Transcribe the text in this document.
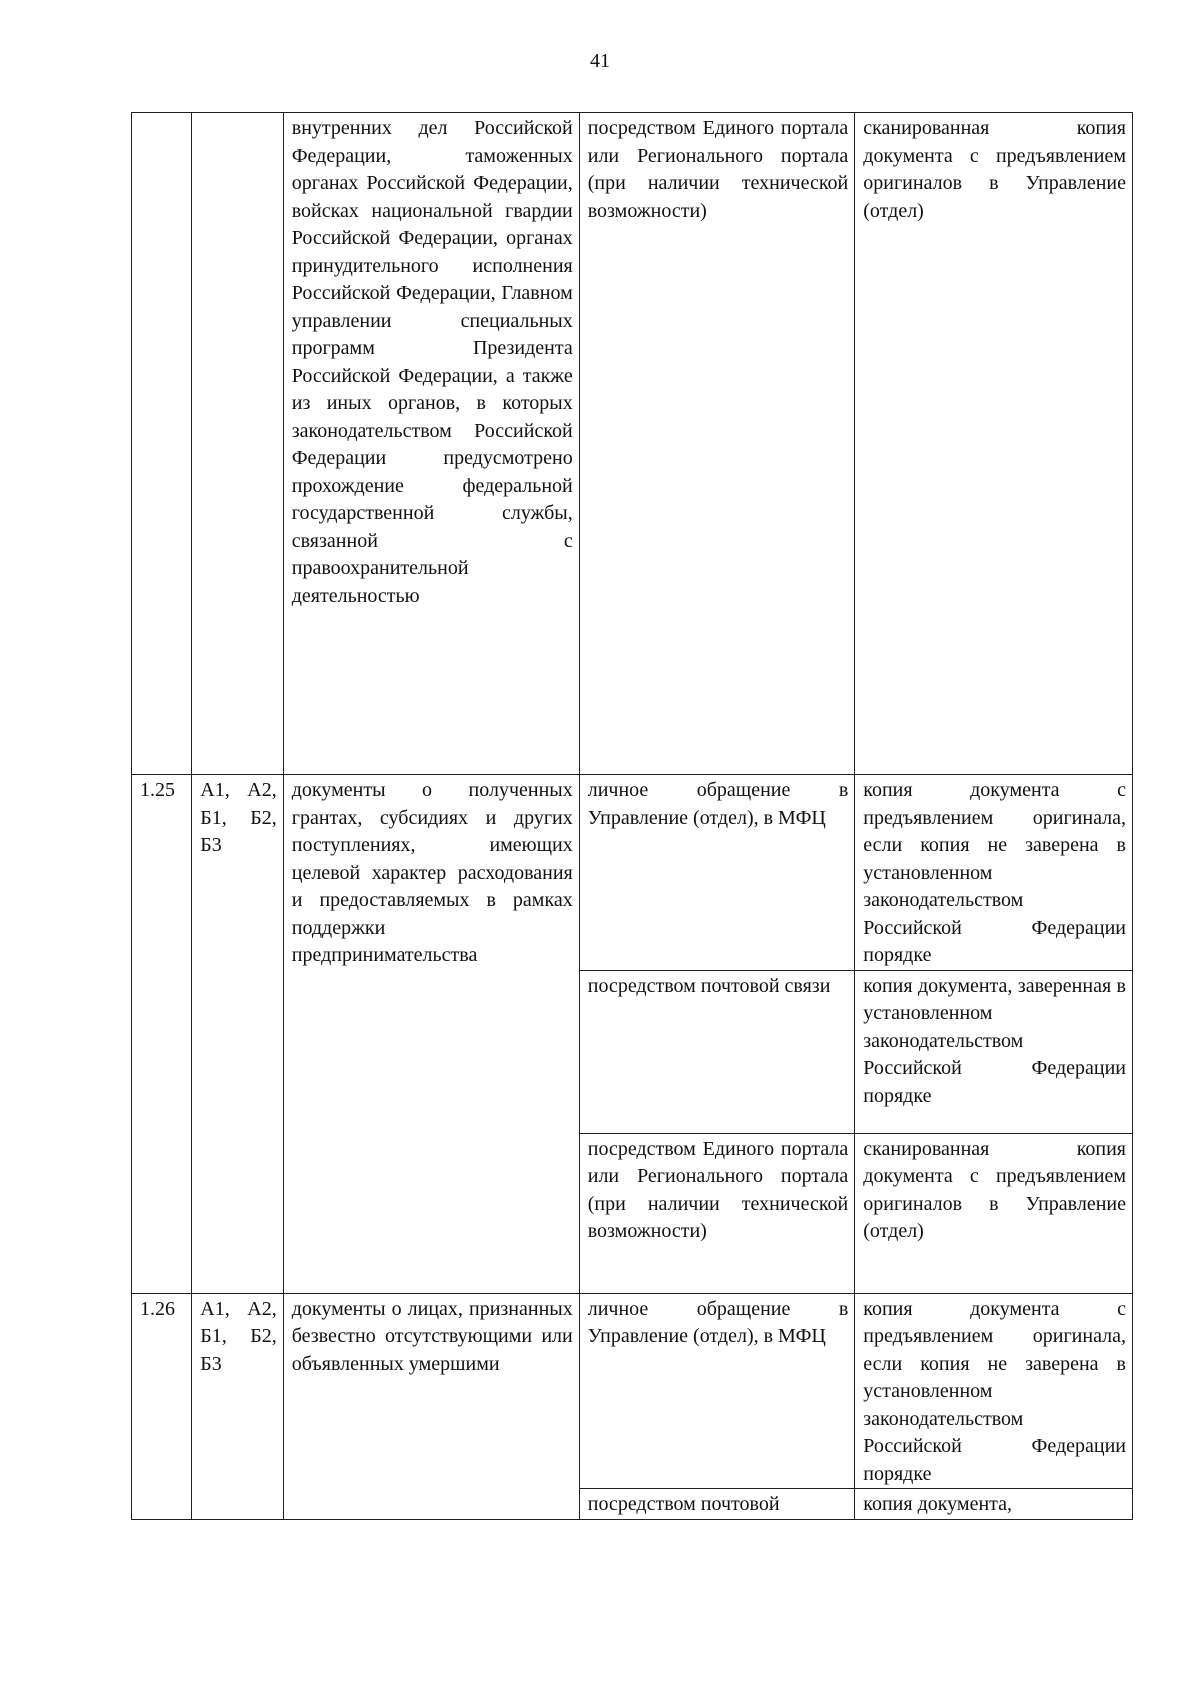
41
		внутренних дел Российской Федерации, таможенных органах Российской Федерации, войсках национальной гвардии Российской Федерации, органах принудительного исполнения Российской Федерации, Главном управлении специальных программ Президента Российской Федерации, а также из иных органов, в которых законодательством Российской Федерации предусмотрено прохождение федеральной государственной службы, связанной с правоохранительной деятельностью	посредством Единого портала или Регионального портала (при наличии технической возможности)	сканированная копия документа с предъявлением оригиналов в Управление (отдел)
1.25	А1, А2, Б1, Б2, Б3	документы о полученных грантах, субсидиях и других поступлениях, имеющих целевой характер расходования и предоставляемых в рамках поддержки предпринимательства	личное обращение в Управление (отдел), в МФЦ	копия документа с предъявлением оригинала, если копия не заверена в установленном законодательством Российской Федерации порядке
			посредством почтовой связи	копия документа, заверенная в установленном законодательством Российской Федерации порядке
			посредством Единого портала или Регионального портала (при наличии технической возможности)	сканированная копия документа с предъявлением оригиналов в Управление (отдел)
1.26	А1, А2, Б1, Б2, Б3	документы о лицах, признанных безвестно отсутствующими или объявленных умершими	личное обращение в Управление (отдел), в МФЦ	копия документа с предъявлением оригинала, если копия не заверена в установленном законодательством Российской Федерации порядке
			посредством почтовой	копия документа,
